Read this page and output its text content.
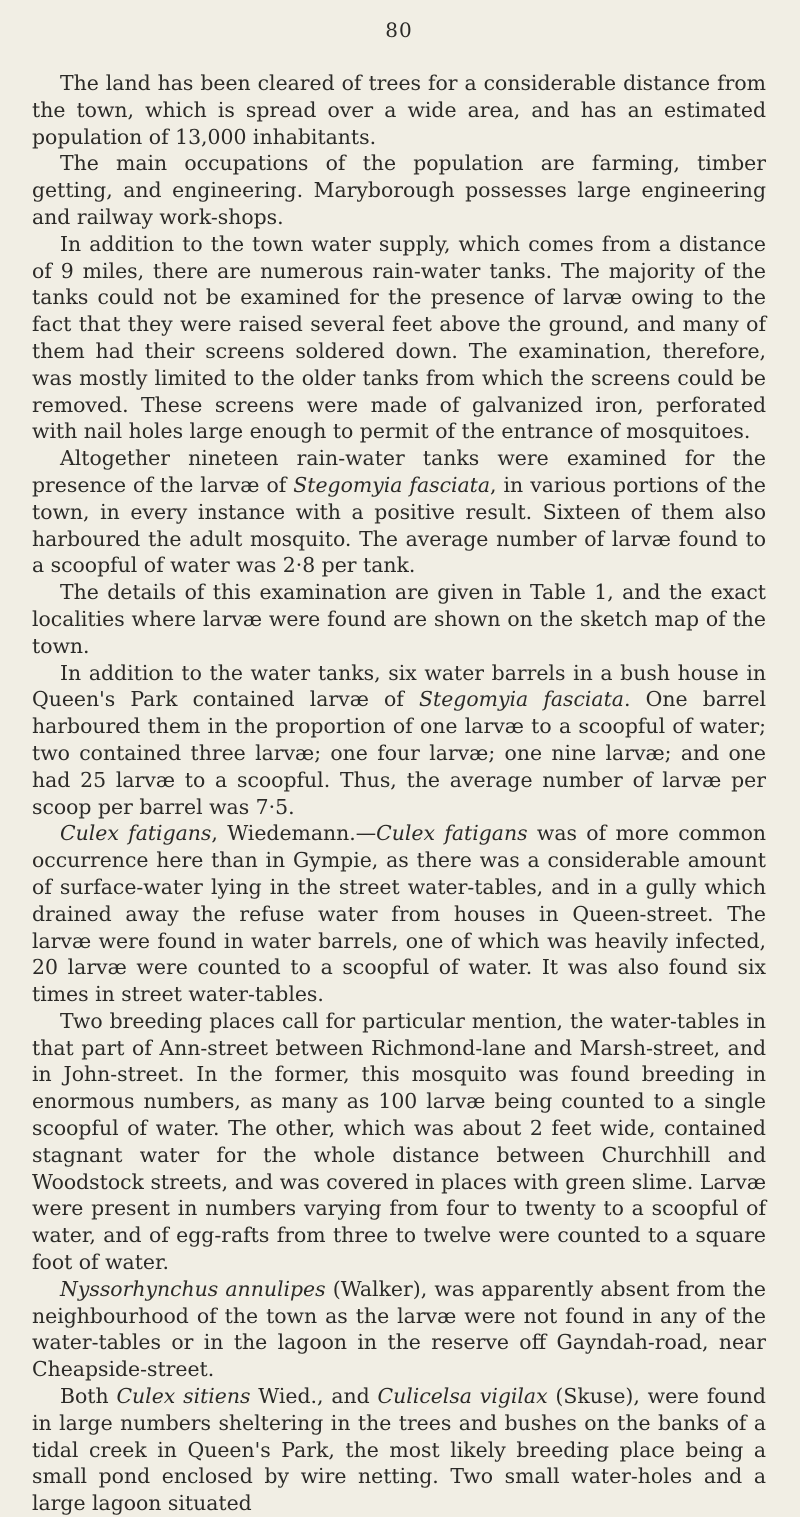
80

The land has been cleared of trees for a considerable distance from the town, which is spread over a wide area, and has an estimated population of 13,000 inhabitants.

The main occupations of the population are farming, timber getting, and engineering. Maryborough possesses large engineering and railway work-shops.

In addition to the town water supply, which comes from a distance of 9 miles, there are numerous rain-water tanks. The majority of the tanks could not be examined for the presence of larvæ owing to the fact that they were raised several feet above the ground, and many of them had their screens soldered down. The examination, therefore, was mostly limited to the older tanks from which the screens could be removed. These screens were made of galvanized iron, perforated with nail holes large enough to permit of the entrance of mosquitoes.

Altogether nineteen rain-water tanks were examined for the presence of the larvæ of Stegomyia fasciata, in various portions of the town, in every instance with a positive result. Sixteen of them also harboured the adult mosquito. The average number of larvæ found to a scoopful of water was 2·8 per tank.

The details of this examination are given in Table 1, and the exact localities where larvæ were found are shown on the sketch map of the town.

In addition to the water tanks, six water barrels in a bush house in Queen's Park contained larvæ of Stegomyia fasciata. One barrel harboured them in the proportion of one larvæ to a scoopful of water; two contained three larvæ; one four larvæ; one nine larvæ; and one had 25 larvæ to a scoopful. Thus, the average number of larvæ per scoop per barrel was 7·5.

Culex fatigans, Wiedemann.—Culex fatigans was of more common occurrence here than in Gympie, as there was a considerable amount of surface-water lying in the street water-tables, and in a gully which drained away the refuse water from houses in Queen-street. The larvæ were found in water barrels, one of which was heavily infected, 20 larvæ were counted to a scoopful of water. It was also found six times in street water-tables.

Two breeding places call for particular mention, the water-tables in that part of Ann-street between Richmond-lane and Marsh-street, and in John-street. In the former, this mosquito was found breeding in enormous numbers, as many as 100 larvæ being counted to a single scoopful of water. The other, which was about 2 feet wide, contained stagnant water for the whole distance between Churchhill and Woodstock streets, and was covered in places with green slime. Larvæ were present in numbers varying from four to twenty to a scoopful of water, and of egg-rafts from three to twelve were counted to a square foot of water.

Nyssorhynchus annulipes (Walker), was apparently absent from the neighbourhood of the town as the larvæ were not found in any of the water-tables or in the lagoon in the reserve off Gayndah-road, near Cheapside-street.

Both Culex sitiens Wied., and Culicelsa vigilax (Skuse), were found in large numbers sheltering in the trees and bushes on the banks of a tidal creek in Queen's Park, the most likely breeding place being a small pond enclosed by wire netting. Two small water-holes and a large lagoon situated
